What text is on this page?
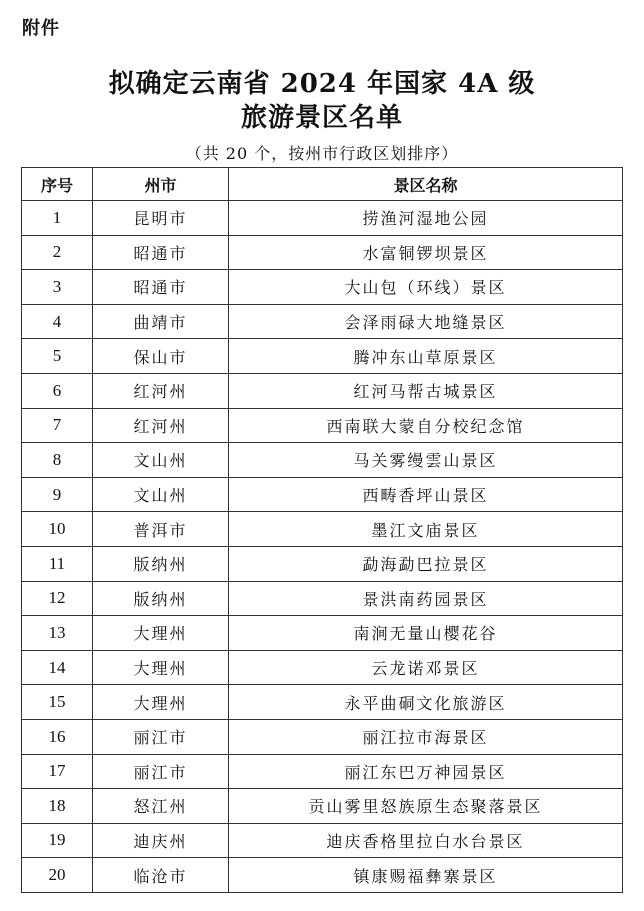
附件
拟确定云南省 2024 年国家 4A 级
旅游景区名单
（共 20 个，按州市行政区划排序）
序号	州市	景区名称
1	昆明市	捞渔河湿地公园
2	昭通市	水富铜锣坝景区
3	昭通市	大山包（环线）景区
4	曲靖市	会泽雨碌大地缝景区
5	保山市	腾冲东山草原景区
6	红河州	红河马帮古城景区
7	红河州	西南联大蒙自分校纪念馆
8	文山州	马关雾缦雲山景区
9	文山州	西畴香坪山景区
10	普洱市	墨江文庙景区
11	版纳州	勐海勐巴拉景区
12	版纳州	景洪南药园景区
13	大理州	南涧无量山樱花谷
14	大理州	云龙诺邓景区
15	大理州	永平曲硐文化旅游区
16	丽江市	丽江拉市海景区
17	丽江市	丽江东巴万神园景区
18	怒江州	贡山雾里怒族原生态聚落景区
19	迪庆州	迪庆香格里拉白水台景区
20	临沧市	镇康赐福彝寨景区
